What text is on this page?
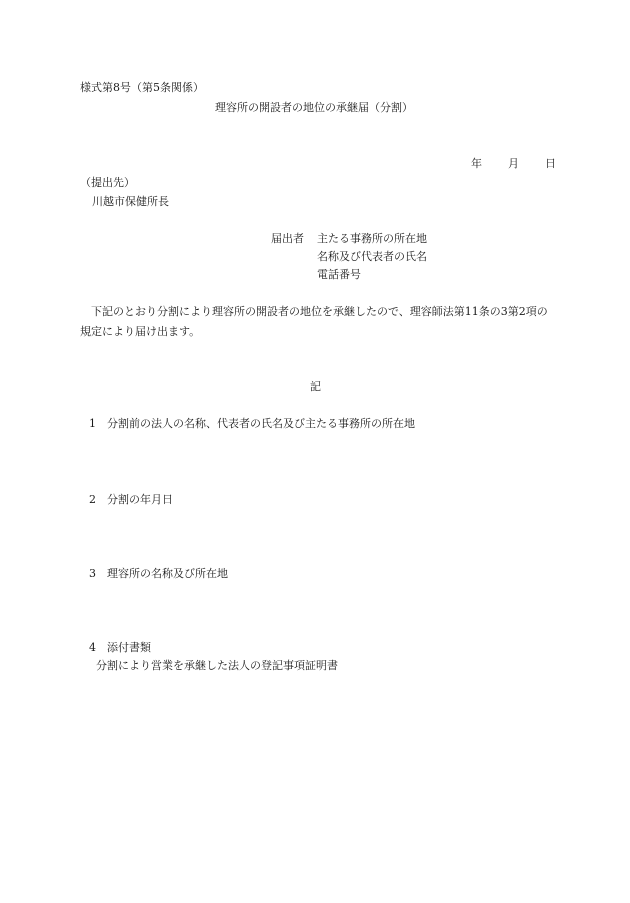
様式第8号（第5条関係）

理容所の開設者の地位の承継届（分割）
年 月 日

（提出先）

川越市保健所長

届出者 主たる事務所の所在地
名称及び代表者の氏名
電話番号

下記のとおり分割により理容所の開設者の地位を承継したので、理容師法第11条の3第2項の規定により届け出ます。

記

1 分割前の法人の名称、代表者の氏名及び主たる事務所の所在地
2 分割の年月日
3 理容所の名称及び所在地
4 添付書類

分割により営業を承継した法人の登記事項証明書
